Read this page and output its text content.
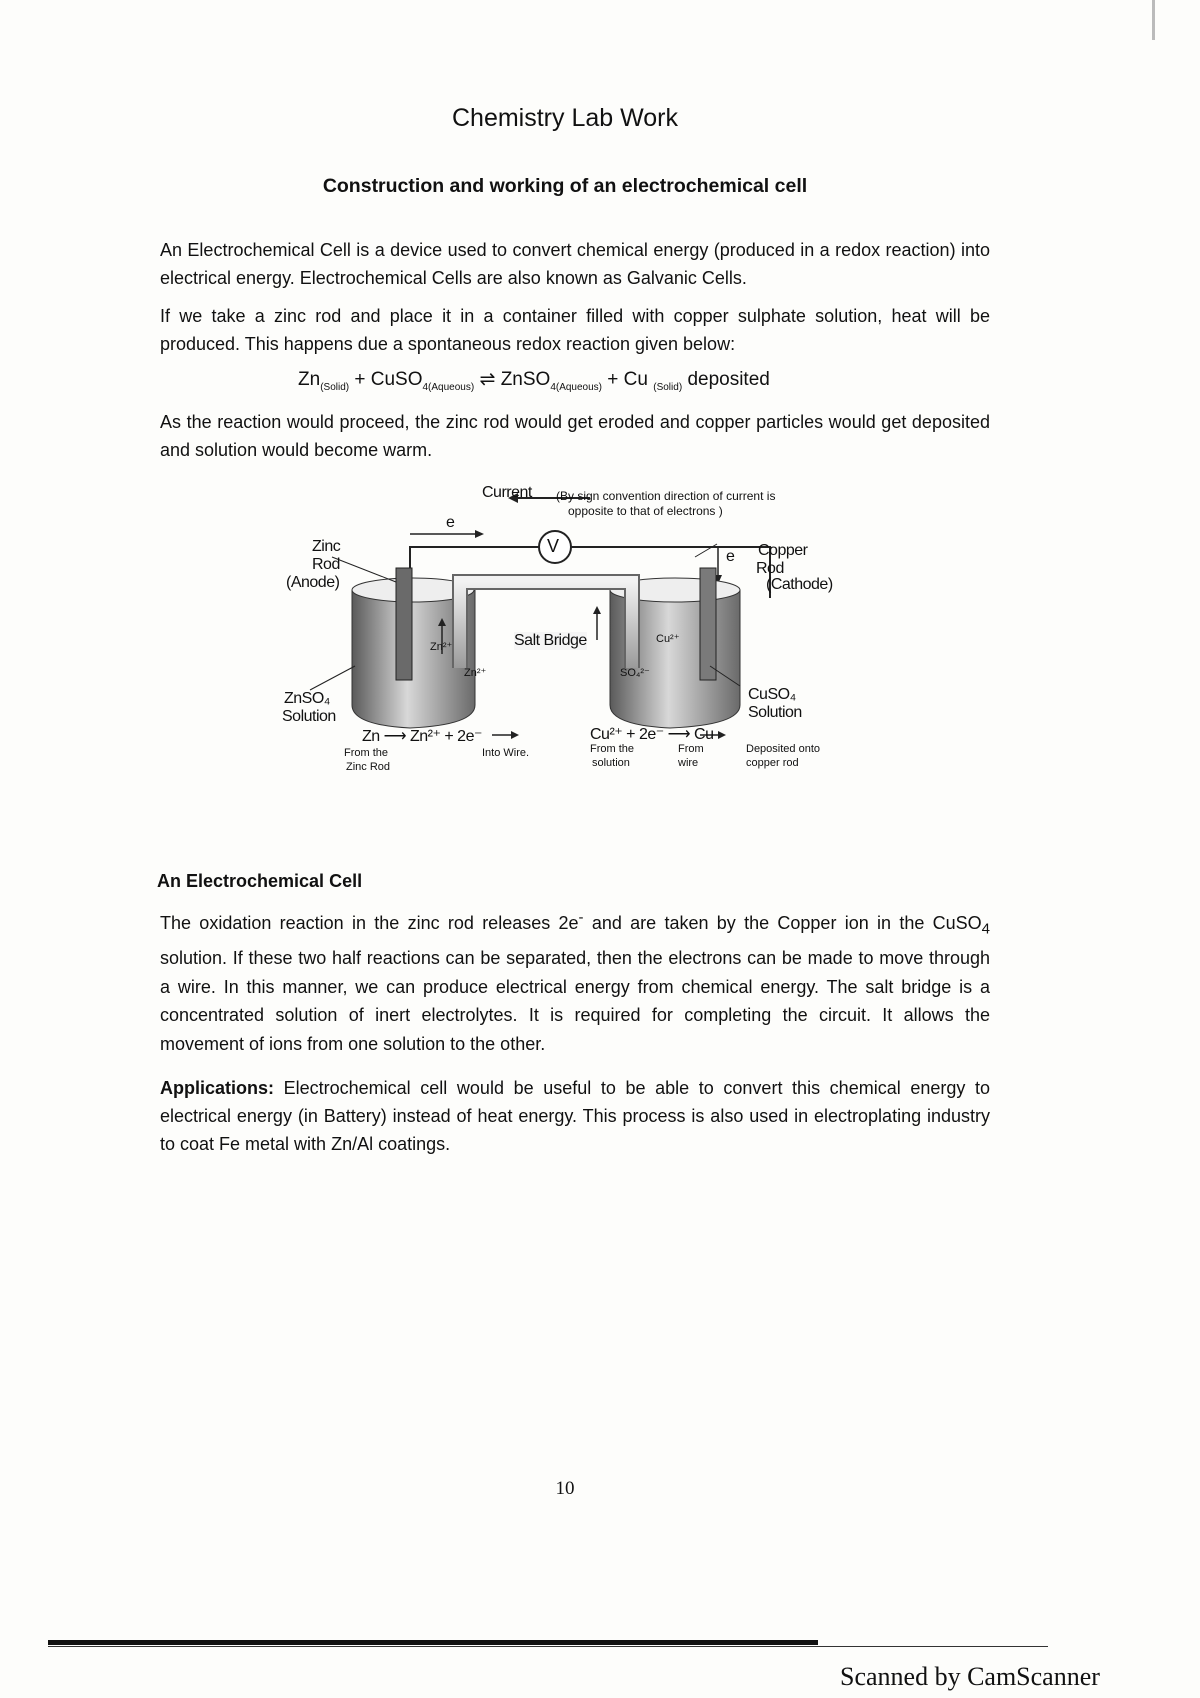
Chemistry Lab Work
Construction and working of an electrochemical cell

An Electrochemical Cell is a device used to convert chemical energy (produced in a redox reaction) into electrical energy. Electrochemical Cells are also known as Galvanic Cells.

If we take a zinc rod and place it in a container filled with copper sulphate solution, heat will be produced. This happens due a spontaneous redox reaction given below:

$Zn_{(Solid)}$ + CuSO$_{4(Aqueous)}$ ⇌ ZnSO$_{4(Aqueous)}$ + Cu $_{(Solid)}$ deposited

As the reaction would proceed, the zinc rod would get eroded and copper particles would get deposited and solution would become warm.

Current (By sign convention direction of current is
opposite to that of electrons )
e
V
e
Zinc
Rod
(Anode)
Copper
Rod
(Cathode)
Salt Bridge
Zn²⁺
Zn²⁺
Cu²⁺
SO₄²⁻
ZnSO₄
Solution
CuSO₄
Solution
Zn ⟶ Zn²⁺ + 2e⁻
From the
Zinc Rod
Into Wire.
Cu²⁺ + 2e⁻ ⟶ Cu
From the
solution
From
wire
Deposited onto
copper rod
An Electrochemical Cell

The oxidation reaction in the zinc rod releases 2e- and are taken by the Copper ion in the CuSO$_4$ solution. If these two half reactions can be separated, then the electrons can be made to move through a wire. In this manner, we can produce electrical energy from chemical energy. The salt bridge is a concentrated solution of inert electrolytes. It is required for completing the circuit. It allows the movement of ions from one solution to the other.

Applications: Electrochemical cell would be useful to be able to convert this chemical energy to electrical energy (in Battery) instead of heat energy. This process is also used in electroplating industry to coat Fe metal with Zn/Al coatings.

10
Scanned by CamScanner
